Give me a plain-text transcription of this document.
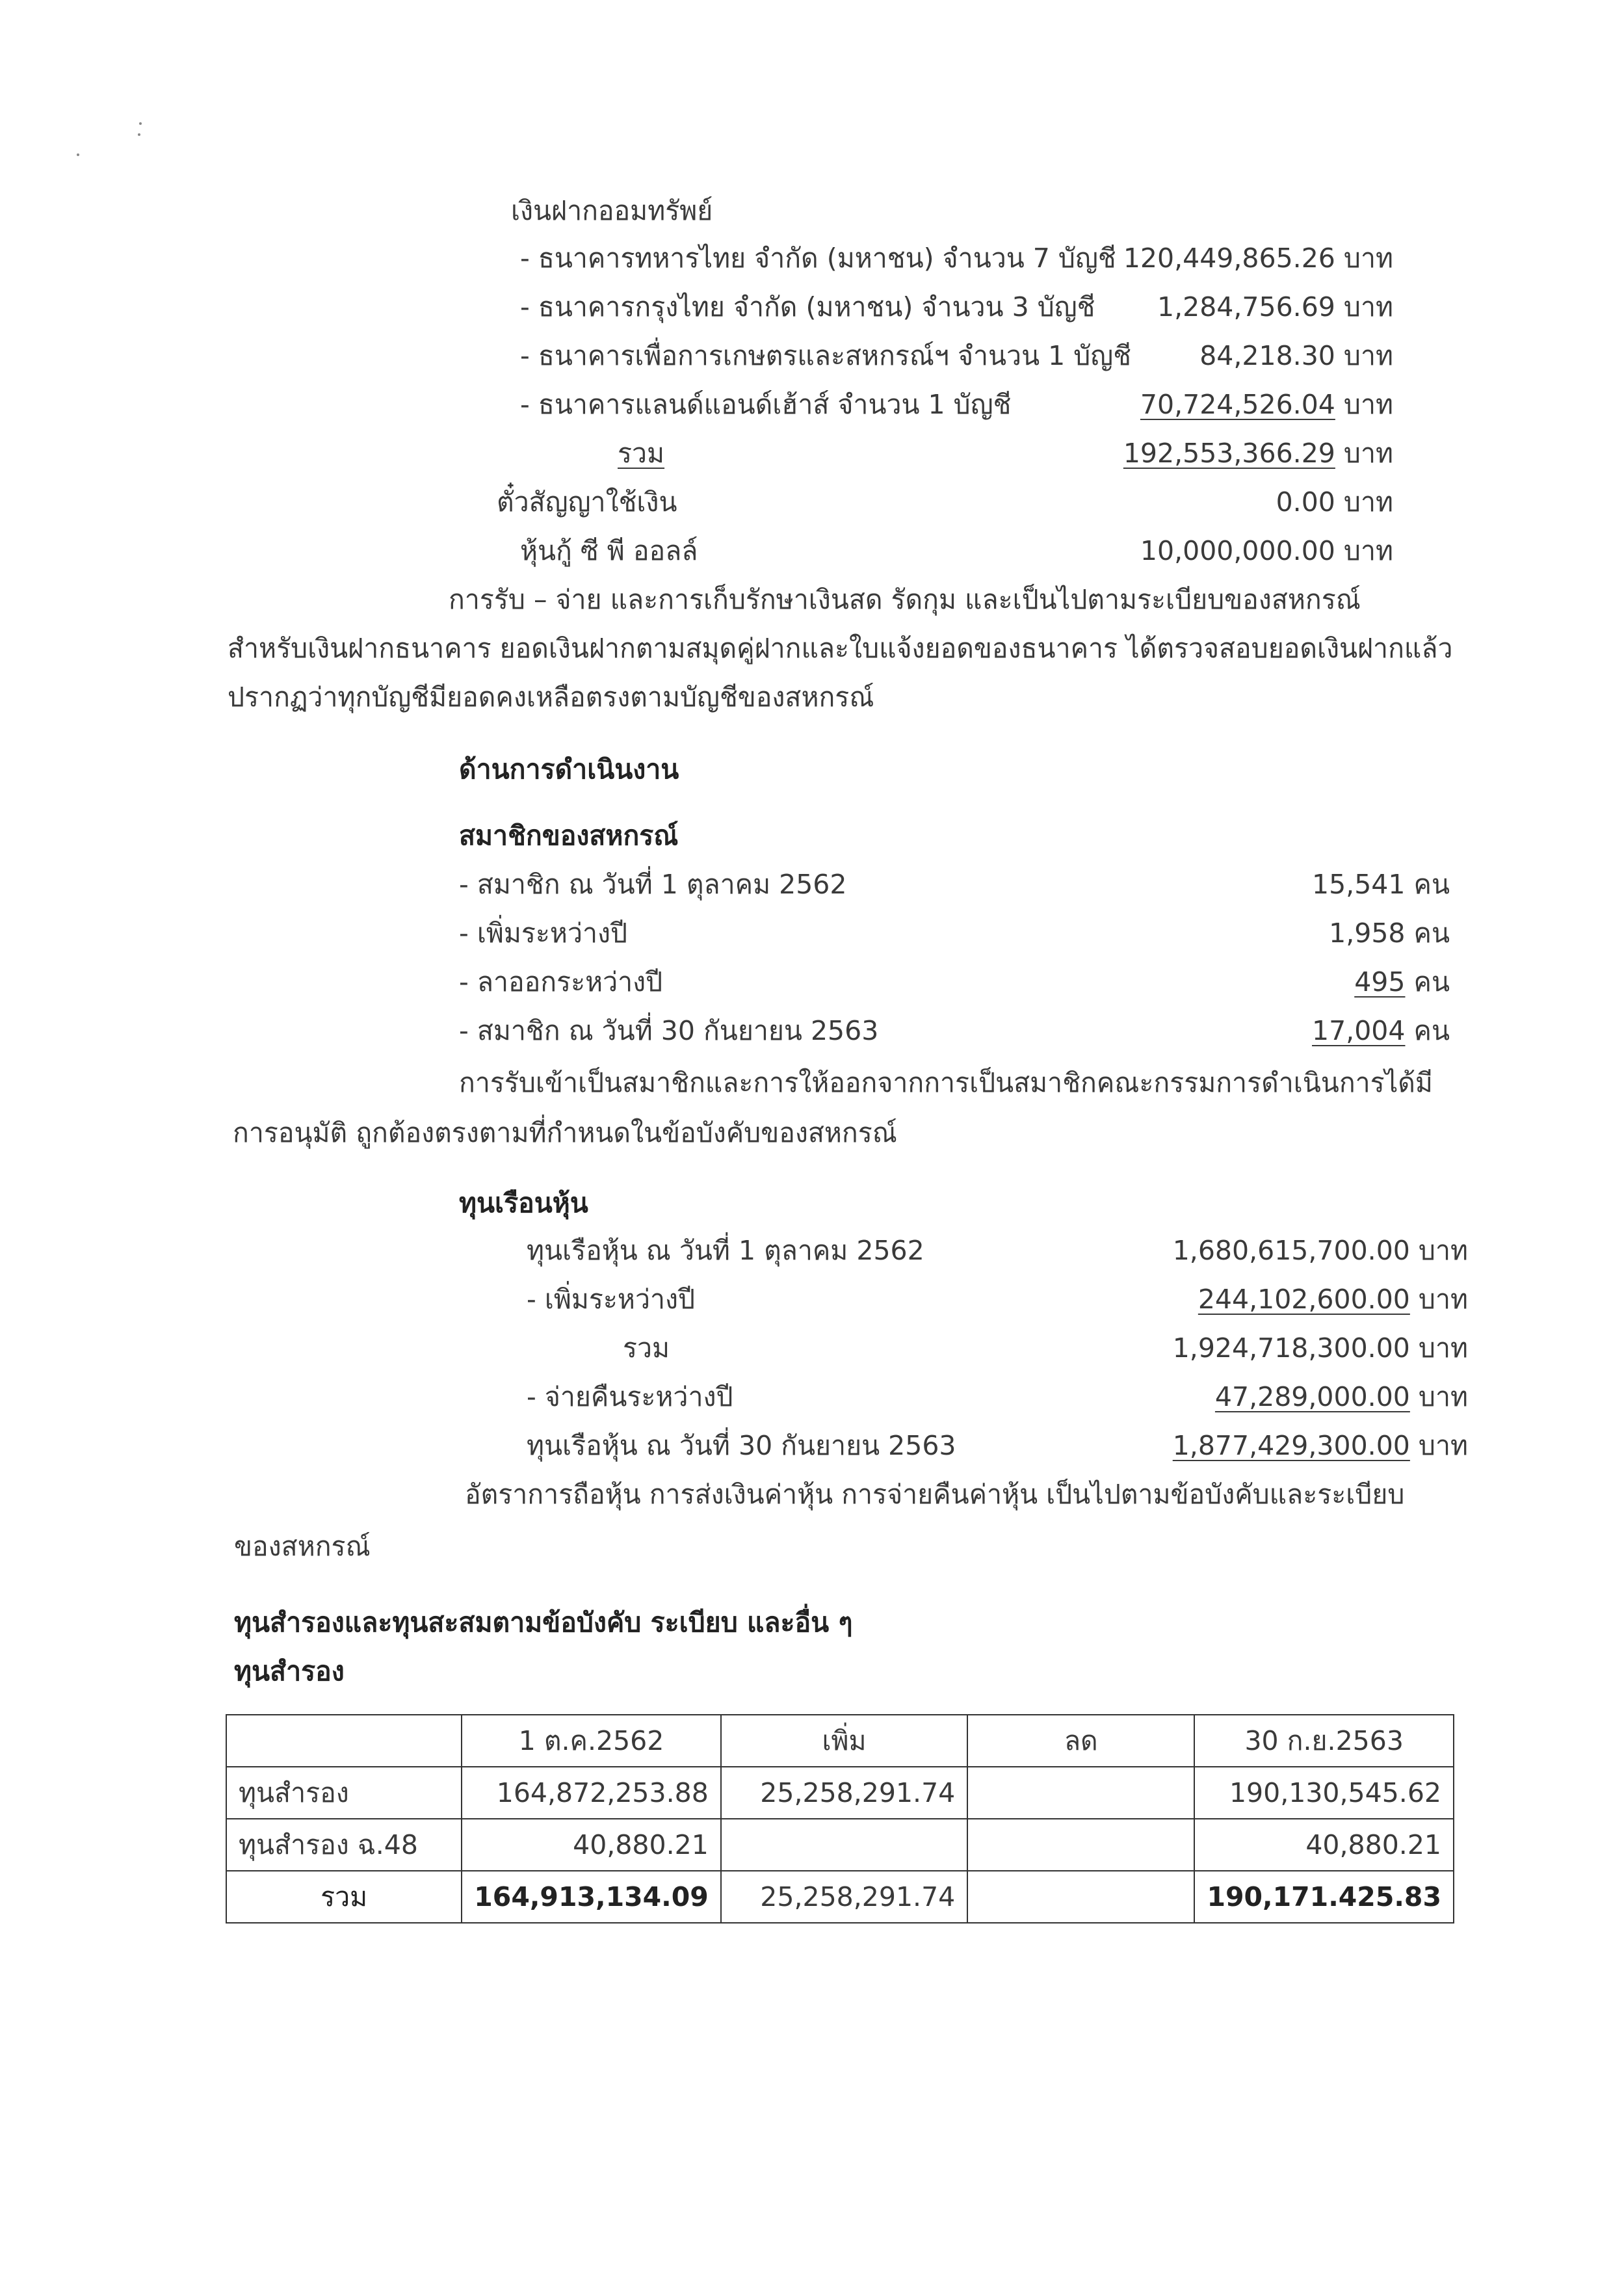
เงินฝากออมทรัพย์
- ธนาคารทหารไทย จำกัด (มหาชน) จำนวน 7 บัญชี 120,449,865.26 บาท
- ธนาคารกรุงไทย จำกัด (มหาชน) จำนวน 3 บัญชี 1,284,756.69 บาท
- ธนาคารเพื่อการเกษตรและสหกรณ์ฯ จำนวน 1 บัญชี	84,218.30 บาท
- ธนาคารแลนด์แอนด์เฮ้าส์ จำนวน 1 บัญชี	70,724,526.04 บาท
รวม	192,553,366.29 บาท
ตั๋วสัญญาใช้เงิน	0.00 บาท
หุ้นกู้ ซี พี ออลล์	10,000,000.00 บาท
การรับ – จ่าย และการเก็บรักษาเงินสด รัดกุม และเป็นไปตามระเบียบของสหกรณ์
สำหรับเงินฝากธนาคาร ยอดเงินฝากตามสมุดคู่ฝากและใบแจ้งยอดของธนาคาร ได้ตรวจสอบยอดเงินฝากแล้ว
ปรากฏว่าทุกบัญชีมียอดคงเหลือตรงตามบัญชีของสหกรณ์
ด้านการดำเนินงาน
สมาชิกของสหกรณ์
- สมาชิก ณ วันที่ 1 ตุลาคม 2562	15,541 คน
- เพิ่มระหว่างปี	1,958 คน
- ลาออกระหว่างปี	495 คน
- สมาชิก ณ วันที่ 30 กันยายน 2563	17,004 คน
การรับเข้าเป็นสมาชิกและการให้ออกจากการเป็นสมาชิกคณะกรรมการดำเนินการได้มี
การอนุมัติ ถูกต้องตรงตามที่กำหนดในข้อบังคับของสหกรณ์
ทุนเรือนหุ้น
ทุนเรือหุ้น ณ วันที่ 1 ตุลาคม 2562	1,680,615,700.00 บาท
- เพิ่มระหว่างปี	244,102,600.00 บาท
รวม	1,924,718,300.00 บาท
- จ่ายคืนระหว่างปี	47,289,000.00 บาท
ทุนเรือหุ้น ณ วันที่ 30 กันยายน 2563	1,877,429,300.00 บาท
อัตราการถือหุ้น การส่งเงินค่าหุ้น การจ่ายคืนค่าหุ้น เป็นไปตามข้อบังคับและระเบียบ
ของสหกรณ์
ทุนสำรองและทุนสะสมตามข้อบังคับ ระเบียบ และอื่น ๆ
ทุนสำรอง
	1 ต.ค.2562	เพิ่ม	ลด	30 ก.ย.2563
ทุนสำรอง	164,872,253.88	25,258,291.74		190,130,545.62
ทุนสำรอง ฉ.48	40,880.21			40,880.21
รวม	164,913,134.09	25,258,291.74		190,171.425.83
